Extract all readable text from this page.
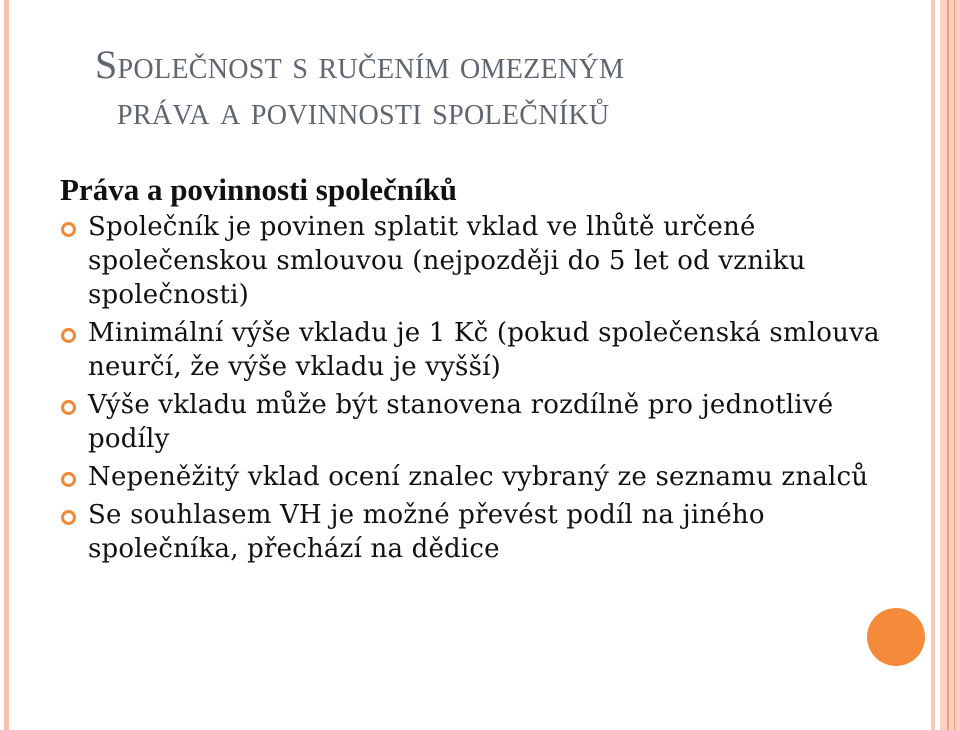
Společnost s ručením omezeným
práva a povinnosti společníků
Práva a povinnosti společníků
Společník je povinen splatit vklad ve lhůtě určené společenskou smlouvou (nejpozději do 5 let od vzniku společnosti)
Minimální výše vkladu je 1 Kč (pokud společenská smlouva neurčí, že výše vkladu je vyšší)
Výše vkladu může být stanovena rozdílně pro jednotlivé podíly
Nepeněžitý vklad ocení znalec vybraný ze seznamu znalců
Se souhlasem VH je možné převést podíl na jiného společníka, přechází na dědice
